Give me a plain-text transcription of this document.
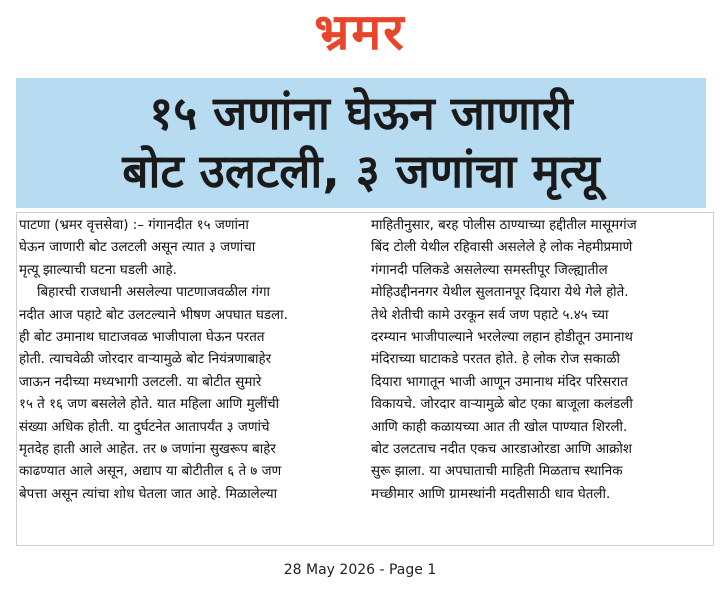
भ्रमर
१५ जणांना घेऊन जाणारी
बोट उलटली, ३ जणांचा मृत्यू
पाटणा (भ्रमर वृत्तसेवा) :– गंगानदीत १५ जणांना
घेऊन जाणारी बोट उलटली असून त्यात ३ जणांचा
मृत्यू झाल्याची घटना घडली आहे.
बिहारची राजधानी असलेल्या पाटणाजवळील गंगा
नदीत आज पहाटे बोट उलटल्याने भीषण अपघात घडला.
ही बोट उमानाथ घाटाजवळ भाजीपाला घेऊन परतत
होती. त्याचवेळी जोरदार वाऱ्यामुळे बोट नियंत्रणाबाहेर
जाऊन नदीच्या मध्यभागी उलटली. या बोटीत सुमारे
१५ ते १६ जण बसलेले होते. यात महिला आणि मुलींची
संख्या अधिक होती. या दुर्घटनेत आतापर्यंत ३ जणांचे
मृतदेह हाती आले आहेत. तर ७ जणांना सुखरूप बाहेर
काढण्यात आले असून, अद्याप या बोटीतील ६ ते ७ जण
बेपत्ता असून त्यांचा शोध घेतला जात आहे. मिळालेल्या
माहितीनुसार, बरह पोलीस ठाण्याच्या हद्दीतील मासूमगंज
बिंद टोली येथील रहिवासी असलेले हे लोक नेहमीप्रमाणे
गंगानदी पलिकडे असलेल्या समस्तीपूर जिल्ह्यातील
मोहिउद्दीननगर येथील सुलतानपूर दियारा येथे गेले होते.
तेथे शेतीची कामे उरकून सर्व जण पहाटे ५.४५ च्या
दरम्यान भाजीपाल्याने भरलेल्या लहान होडीतून उमानाथ
मंदिराच्या घाटाकडे परतत होते. हे लोक रोज सकाळी
दियारा भागातून भाजी आणून उमानाथ मंदिर परिसरात
विकायचे. जोरदार वाऱ्यामुळे बोट एका बाजूला कलंडली
आणि काही कळायच्या आत ती खोल पाण्यात शिरली.
बोट उलटताच नदीत एकच आरडाओरडा आणि आक्रोश
सुरू झाला. या अपघाताची माहिती मिळताच स्थानिक
मच्छीमार आणि ग्रामस्थांनी मदतीसाठी धाव घेतली.
28 May 2026 - Page 1
